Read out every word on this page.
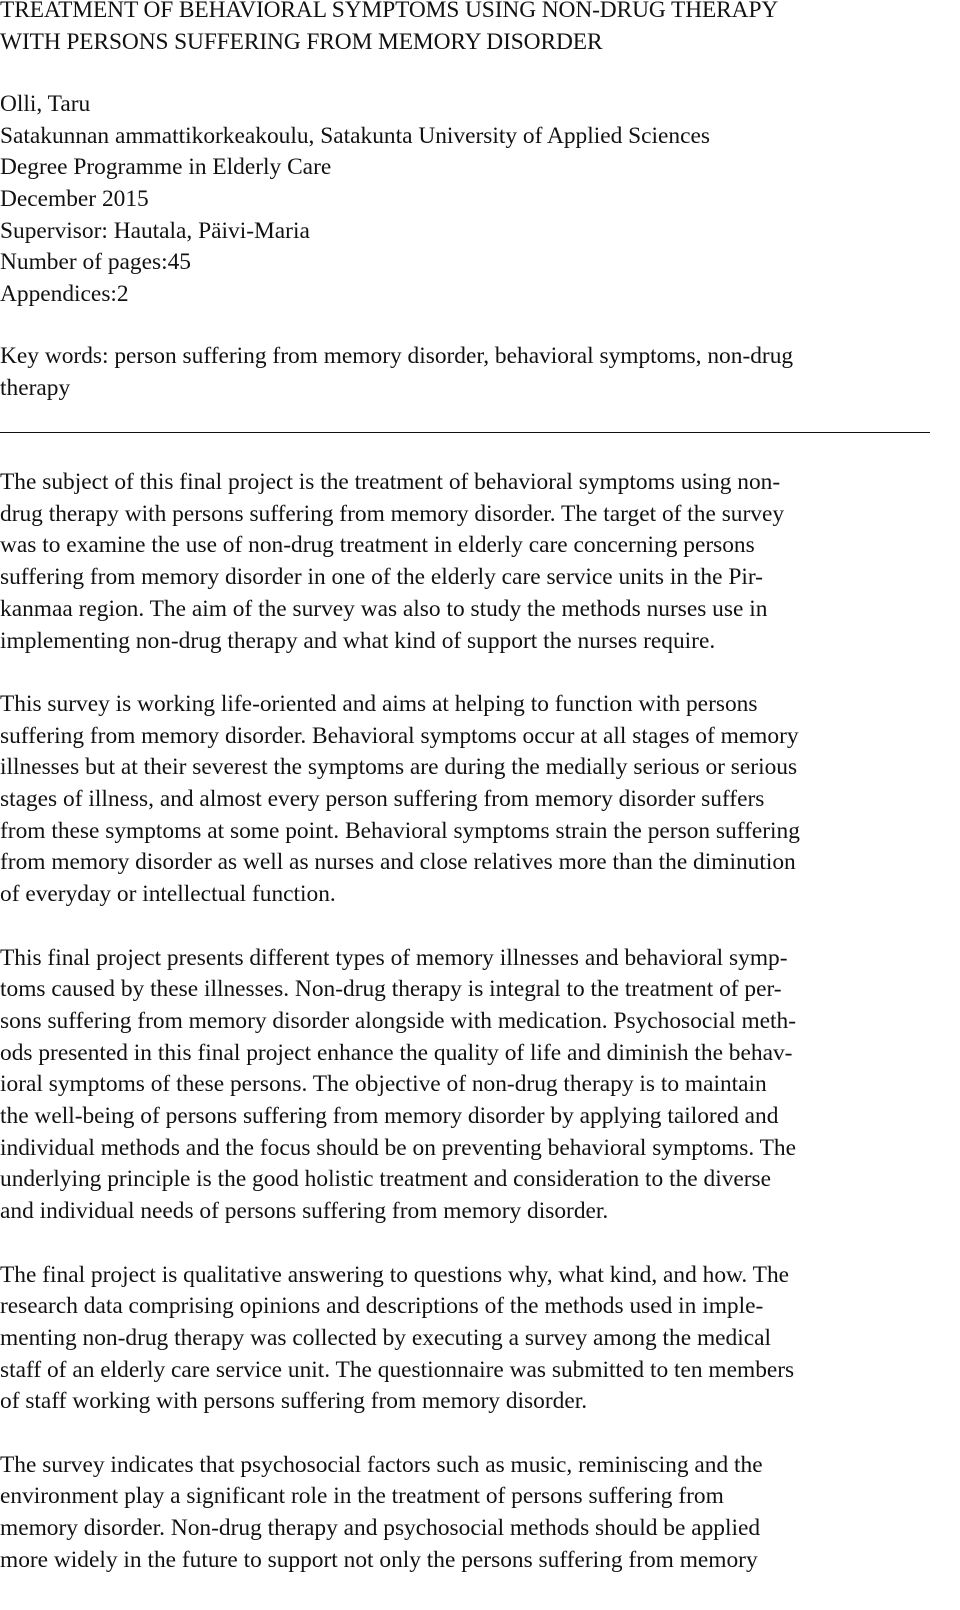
TREATMENT OF BEHAVIORAL SYMPTOMS USING NON-DRUG THERAPY
WITH PERSONS SUFFERING FROM MEMORY DISORDER
Olli, Taru
Satakunnan ammattikorkeakoulu, Satakunta University of Applied Sciences
Degree Programme in Elderly Care
December 2015
Supervisor: Hautala, Päivi-Maria
Number of pages:45
Appendices:2

Key words: person suffering from memory disorder, behavioral symptoms, non-drug
therapy

The subject of this final project is the treatment of behavioral symptoms using non-
drug therapy with persons suffering from memory disorder. The target of the survey
was to examine the use of non-drug treatment in elderly care concerning persons
suffering from memory disorder in one of the elderly care service units in the Pir-
kanmaa region. The aim of the survey was also to study the methods nurses use in
implementing non-drug therapy and what kind of support the nurses require.

This survey is working life-oriented and aims at helping to function with persons
suffering from memory disorder. Behavioral symptoms occur at all stages of memory
illnesses but at their severest the symptoms are during the medially serious or serious
stages of illness, and almost every person suffering from memory disorder suffers
from these symptoms at some point. Behavioral symptoms strain the person suffering
from memory disorder as well as nurses and close relatives more than the diminution
of everyday or intellectual function.

This final project presents different types of memory illnesses and behavioral symp-
toms caused by these illnesses. Non-drug therapy is integral to the treatment of per-
sons suffering from memory disorder alongside with medication. Psychosocial meth-
ods presented in this final project enhance the quality of life and diminish the behav-
ioral symptoms of these persons. The objective of non-drug therapy is to maintain
the well-being of persons suffering from memory disorder by applying tailored and
individual methods and the focus should be on preventing behavioral symptoms. The
underlying principle is the good holistic treatment and consideration to the diverse
and individual needs of persons suffering from memory disorder.

The final project is qualitative answering to questions why, what kind, and how. The
research data comprising opinions and descriptions of the methods used in imple-
menting non-drug therapy was collected by executing a survey among the medical
staff of an elderly care service unit. The questionnaire was submitted to ten members
of staff working with persons suffering from memory disorder.

The survey indicates that psychosocial factors such as music, reminiscing and the
environment play a significant role in the treatment of persons suffering from
memory disorder. Non-drug therapy and psychosocial methods should be applied
more widely in the future to support not only the persons suffering from memory
